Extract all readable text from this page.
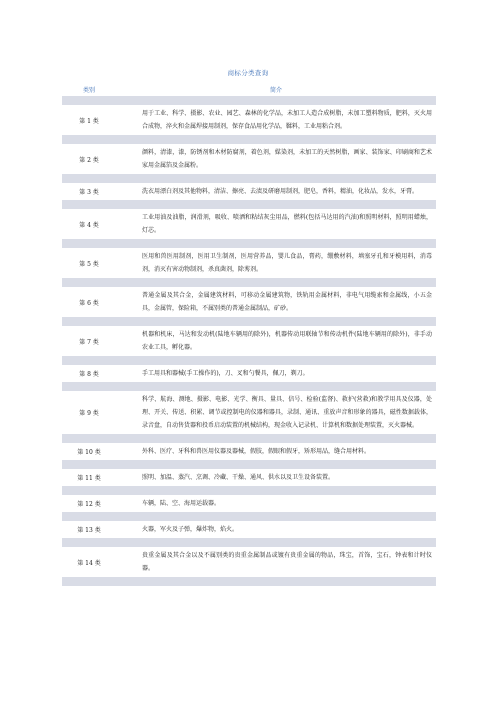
商标分类查询
类别	简介

第 1 类	用于工业、科学、摄影、农业、园艺、森林的化学品，未加工人造合成树脂，未加工塑料物质，肥料，灭火用合成物，淬火和金属焊接用制剂，保存食品用化学品，鞣料，工业用粘合剂。

第 2 类	颜料，清漆，漆，防锈剂和木材防腐剂，着色剂，媒染剂，未加工的天然树脂，画家、装饰家、印刷商和艺术家用金属箔及金属粉。

第 3 类	洗衣用漂白剂及其他物料，清洁、擦亮、去渍及研磨用制剂，肥皂，香料，精油，化妆品，发水，牙膏。

第 4 类	工业用油及油脂，润滑剂，吸收、喷洒和粘结灰尘用品，燃料(包括马达用的汽油)和照明材料，照明用蜡烛，灯芯。

第 5 类	医用和兽医用制剂，医用卫生制剂，医用营养品，婴儿食品，膏药，绷敷材料，填塞牙孔和牙模用料，消毒剂，消灭有害动物制剂，杀真菌剂，除莠剂。

第 6 类	普通金属及其合金，金属建筑材料，可移动金属建筑物，铁轨用金属材料，非电气用缆索和金属线，小五金具，金属管，保险箱，不属别类的普通金属制品，矿砂。

第 7 类	机器和机床，马达和发动机(陆地车辆用的除外)，机器传动用联轴节和传动机件(陆地车辆用的除外)，非手动农业工具，孵化器。

第 8 类	手工用具和器械(手工操作的)，刀、叉和勺餐具，佩刀，剃刀。

第 9 类	科学、航海、测地、摄影、电影、光学、衡具、量具、信号、检验(监督)、救护(营救)和教学用具及仪器，处理、开关、传送、积累、调节或控制电的仪器和器具，录制、通讯、重放声音和形象的器具，磁性数据载体，录音盘，自动售货器和投币启动装置的机械结构，现金收入记录机、计算机和数据处理装置，灭火器械。

第 10 类	外科、医疗、牙科和兽医用仪器及器械，假肢，假眼和假牙，矫形用品，缝合用材料。

第 11 类	照明、加温、蒸汽、烹调、冷藏、干燥、通风、供水以及卫生设备装置。

第 12 类	车辆，陆、空、海用运载器。

第 13 类	火器，军火及子弹，爆炸物，焰火。

第 14 类	贵重金属及其合金以及不属别类的贵重金属制品或镀有贵重金属的物品，珠宝，首饰，宝石，钟表和计时仪器。
